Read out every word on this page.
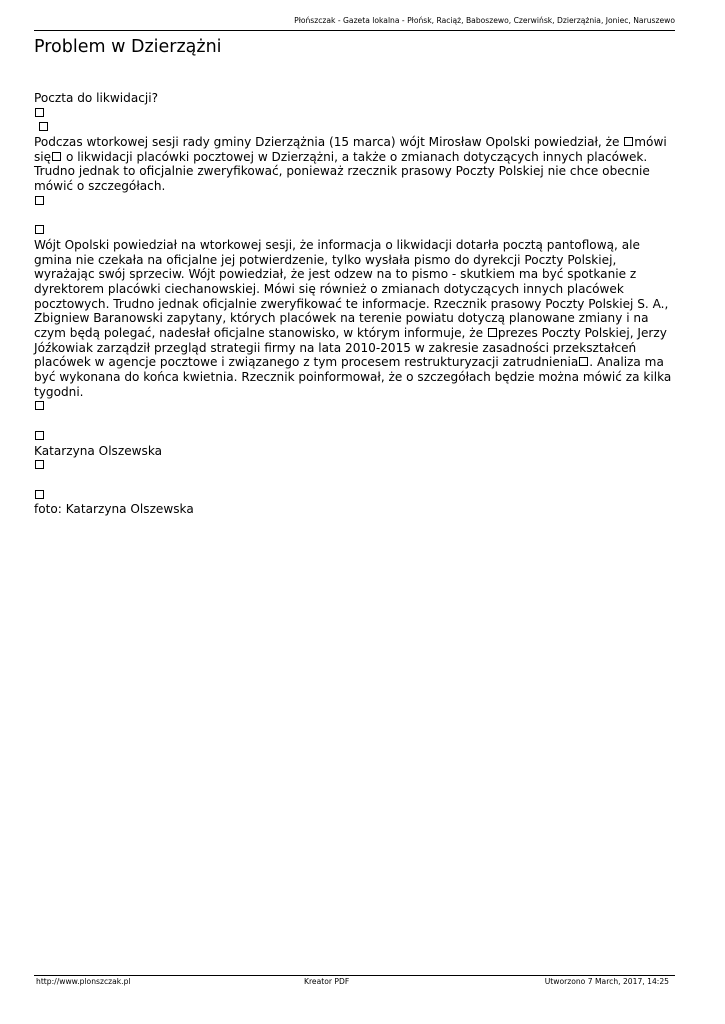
Płońszczak - Gazeta lokalna - Płońsk, Raciąż, Baboszewo, Czerwińsk, Dzierzążnia, Joniec, Naruszewo
Problem w Dzierzążni
Poczta do likwidacji?

Podczas wtorkowej sesji rady gminy Dzierzążnia (15 marca) wójt Mirosław Opolski powiedział, że mówi
się o likwidacji placówki pocztowej w Dzierzążni, a także o zmianach dotyczących innych placówek.
Trudno jednak to oficjalnie zweryfikować, ponieważ rzecznik prasowy Poczty Polskiej nie chce obecnie
mówić o szczegółach.
Wójt Opolski powiedział na wtorkowej sesji, że informacja o likwidacji dotarła pocztą pantoflową, ale
gmina nie czekała na oficjalne jej potwierdzenie, tylko wysłała pismo do dyrekcji Poczty Polskiej,
wyrażając swój sprzeciw. Wójt powiedział, że jest odzew na to pismo - skutkiem ma być spotkanie z
dyrektorem placówki ciechanowskiej. Mówi się również o zmianach dotyczących innych placówek
pocztowych. Trudno jednak oficjalnie zweryfikować te informacje. Rzecznik prasowy Poczty Polskiej S. A.,
Zbigniew Baranowski zapytany, których placówek na terenie powiatu dotyczą planowane zmiany i na
czym będą polegać, nadesłał oficjalne stanowisko, w którym informuje, że prezes Poczty Polskiej, Jerzy
Jóźkowiak zarządził przegląd strategii firmy na lata 2010-2015 w zakresie zasadności przekształceń
placówek w agencje pocztowe i związanego z tym procesem restrukturyzacji zatrudnienia . Analiza ma
być wykonana do końca kwietnia. Rzecznik poinformował, że o szczegółach będzie można mówić za kilka
tygodni.
Katarzyna Olszewska
foto: Katarzyna Olszewska
http://www.plonszczak.pl	Kreator PDF	Utworzono 7 March, 2017, 14:25
